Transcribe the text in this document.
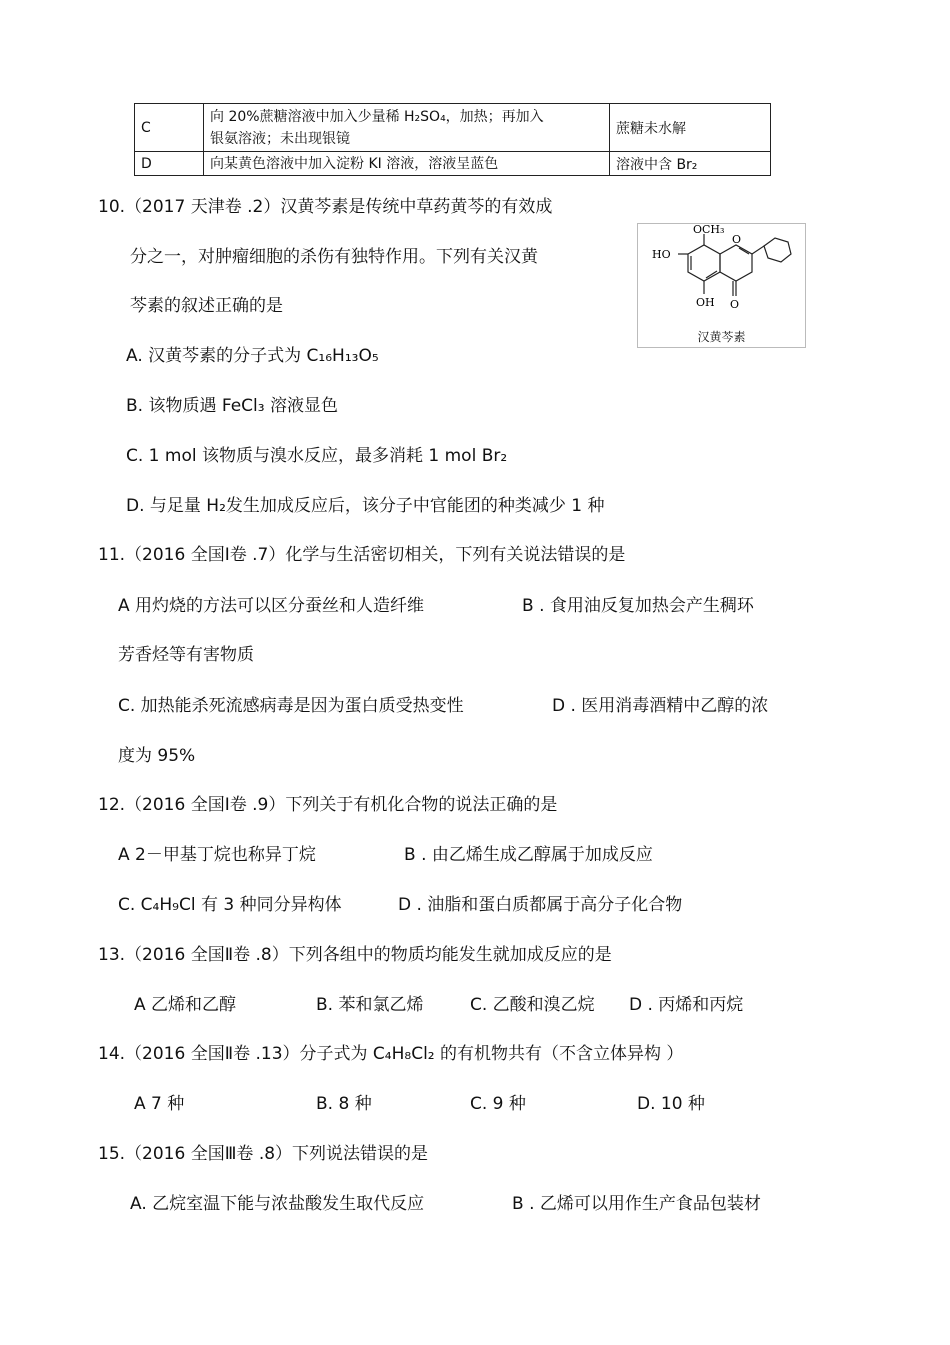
C	向 20%蔗糖溶液中加入少量稀 H₂SO₄，加热；再加入
银氨溶液；未出现银镜	蔗糖未水解
D	向某黄色溶液中加入淀粉 KI 溶液，溶液呈蓝色	溶液中含 Br₂
10.（2017 天津卷 .2）汉黄芩素是传统中草药黄芩的有效成
分之一，对肿瘤细胞的杀伤有独特作用。下列有关汉黄
芩素的叙述正确的是
OCH₃
HO
OH
O
O
汉黄芩素
A. 汉黄芩素的分子式为 C₁₆H₁₃O₅
B. 该物质遇 FeCl₃ 溶液显色
C. 1 mol 该物质与溴水反应，最多消耗 1 mol Br₂
D. 与足量 H₂发生加成反应后，该分子中官能团的种类减少 1 种
11.（2016 全国Ⅰ卷 .7）化学与生活密切相关，下列有关说法错误的是
A 用灼烧的方法可以区分蚕丝和人造纤维	B . 食用油反复加热会产生稠环
芳香烃等有害物质
C. 加热能杀死流感病毒是因为蛋白质受热变性	D . 医用消毒酒精中乙醇的浓
度为 95%
12.（2016 全国Ⅰ卷 .9）下列关于有机化合物的说法正确的是
A 2－甲基丁烷也称异丁烷	B . 由乙烯生成乙醇属于加成反应
C. C₄H₉Cl 有 3 种同分异构体	D . 油脂和蛋白质都属于高分子化合物
13.（2016 全国Ⅱ卷 .8）下列各组中的物质均能发生就加成反应的是
A 乙烯和乙醇	B. 苯和氯乙烯	C. 乙酸和溴乙烷 D . 丙烯和丙烷
14.（2016 全国Ⅱ卷 .13）分子式为 C₄H₈Cl₂ 的有机物共有（不含立体异构 ）
A 7 种	B. 8 种	C. 9 种	D. 10 种
15.（2016 全国Ⅲ卷 .8）下列说法错误的是
A. 乙烷室温下能与浓盐酸发生取代反应	B . 乙烯可以用作生产食品包装材
